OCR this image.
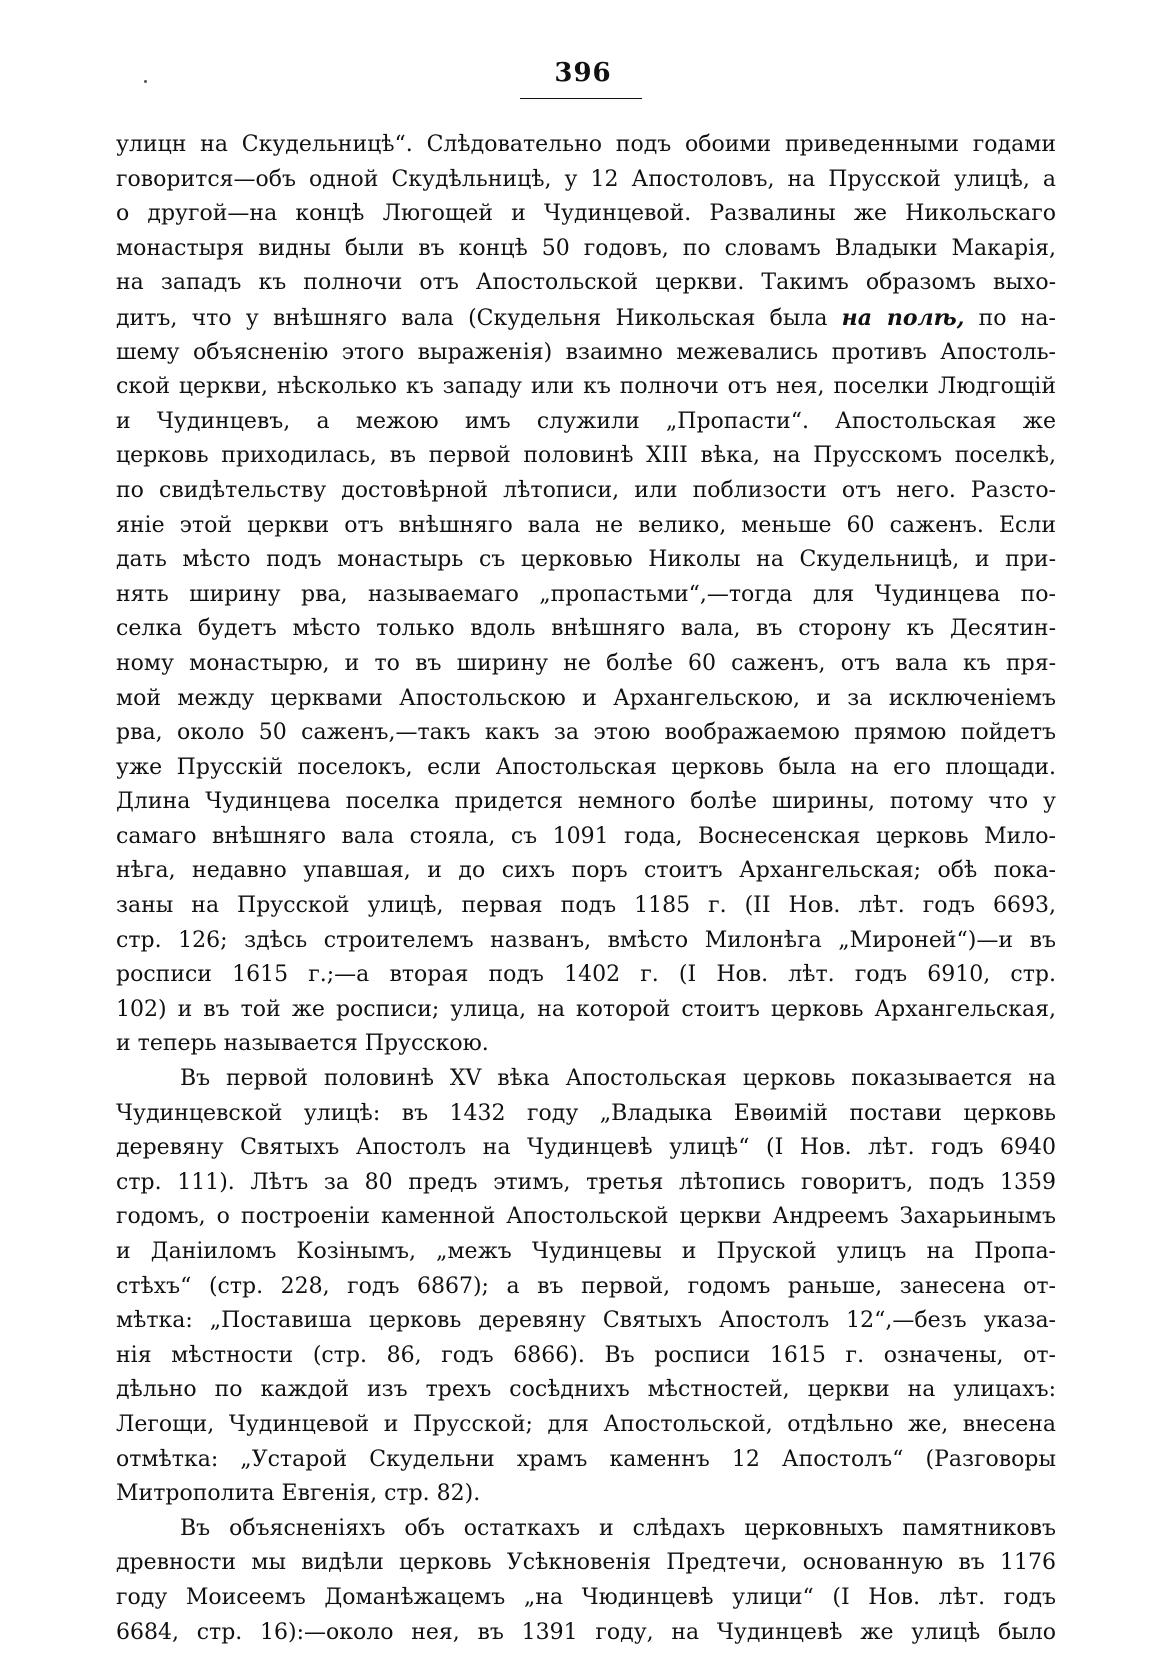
396
улицн на Скудельницѣ“. Слѣдовательно подъ обоими приведенными годами
говорится—объ одной Скудѣльницѣ, у 12 Апостоловъ, на Прусской улицѣ, а
о другой—на концѣ Люгощей и Чудинцевой. Развалины же Никольскаго
монастыря видны были въ концѣ 50 годовъ, по словамъ Владыки Макарія,
на западъ къ полночи отъ Апостольской церкви. Такимъ образомъ выхо-
дитъ, что у внѣшняго вала (Скудельня Никольская была на полѣ, по на-
шему объясненію этого выраженія) взаимно межевались противъ Апостоль-
ской церкви, нѣсколько къ западу или къ полночи отъ нея, поселки Людгощій
и Чудинцевъ, а межою имъ служили „Пропасти“. Апостольская же
церковь приходилась, въ первой половинѣ XIII вѣка, на Прусскомъ поселкѣ,
по свидѣтельству достовѣрной лѣтописи, или поблизости отъ него. Разсто-
яніе этой церкви отъ внѣшняго вала не велико, меньше 60 саженъ. Если
дать мѣсто подъ монастырь съ церковью Николы на Скудельницѣ, и при-
нять ширину рва, называемаго „пропастьми“,—тогда для Чудинцева по-
селка будетъ мѣсто только вдоль внѣшняго вала, въ сторону къ Десятин-
ному монастырю, и то въ ширину не болѣе 60 саженъ, отъ вала къ пря-
мой между церквами Апостольскою и Архангельскою, и за исключеніемъ
рва, около 50 саженъ,—такъ какъ за этою воображаемою прямою пойдетъ
уже Прусскій поселокъ, если Апостольская церковь была на его площади.
Длина Чудинцева поселка придется немного болѣе ширины, потому что у
самаго внѣшняго вала стояла, съ 1091 года, Воснесенская церковь Мило-
нѣга, недавно упавшая, и до сихъ поръ стоитъ Архангельская; обѣ пока-
заны на Прусской улицѣ, первая подъ 1185 г. (II Нов. лѣт. годъ 6693,
стр. 126; здѣсь строителемъ названъ, вмѣсто Милонѣга „Мироней“)—и въ
росписи 1615 г.;—а вторая подъ 1402 г. (I Нов. лѣт. годъ 6910, стр.
102) и въ той же росписи; улица, на которой стоитъ церковь Архангельская,
и теперь называется Прусскою.
Въ первой половинѣ XV вѣка Апостольская церковь показывается на
Чудинцевской улицѣ: въ 1432 году „Владыка Евѳимій постави церковь
деревяну Святыхъ Апостолъ на Чудинцевѣ улицѣ“ (I Нов. лѣт. годъ 6940
стр. 111). Лѣтъ за 80 предъ этимъ, третья лѣтопись говоритъ, подъ 1359
годомъ, о построеніи каменной Апостольской церкви Андреемъ Захарьинымъ
и Даніиломъ Козінымъ, „межъ Чудинцевы и Пруской улицъ на Пропа-
стѣхъ“ (стр. 228, годъ 6867); а въ первой, годомъ раньше, занесена от-
мѣтка: „Поставиша церковь деревяну Святыхъ Апостолъ 12“,—безъ указа-
нія мѣстности (стр. 86, годъ 6866). Въ росписи 1615 г. означены, от-
дѣльно по каждой изъ трехъ сосѣднихъ мѣстностей, церкви на улицахъ:
Легощи, Чудинцевой и Прусской; для Апостольской, отдѣльно же, внесена
отмѣтка: „Устарой Скудельни храмъ каменнъ 12 Апостолъ“ (Разговоры
Митрополита Евгенія, стр. 82).
Въ объясненіяхъ объ остаткахъ и слѣдахъ церковныхъ памятниковъ
древности мы видѣли церковь Усѣкновенія Предтечи, основанную въ 1176
году Моисеемъ Доманѣжацемъ „на Чюдинцевѣ улици“ (I Нов. лѣт. годъ
6684, стр. 16):—около нея, въ 1391 году, на Чудинцевѣ же улицѣ было
